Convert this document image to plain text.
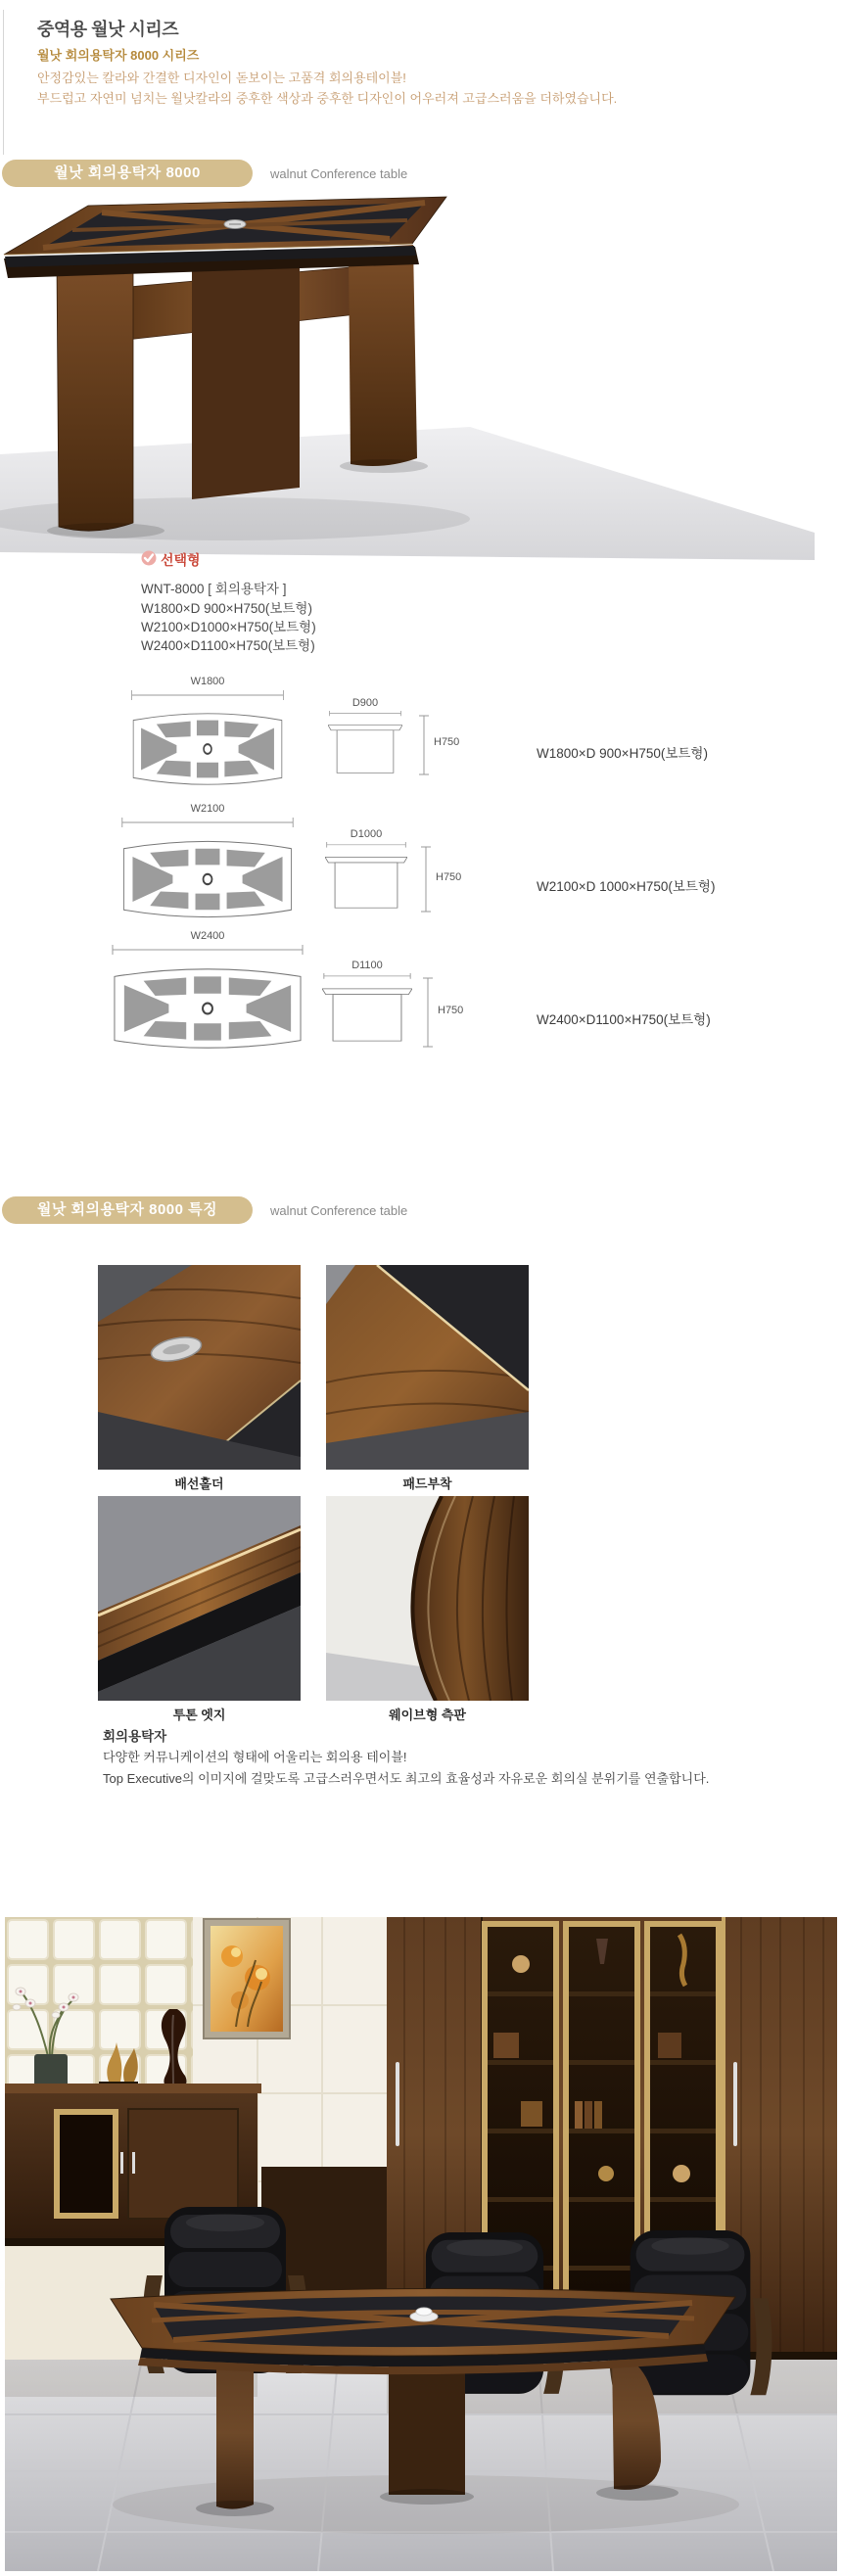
중역용 월낫 시리즈
월낫 회의용탁자 8000 시리즈
안정감있는 칼라와 간결한 디자인이 돋보이는 고품격 회의용테이블!
부드럽고 자연미 넘치는 월낫칼라의 중후한 색상과 중후한 디자인이 어우러져 고급스러움을 더하였습니다.
월낫 회의용탁자 8000	walnut Conference table
선택형
WNT-8000 [ 회의용탁자 ]
W1800×D 900×H750(보트형)
W2100×D1000×H750(보트형)
W2400×D1100×H750(보트형)
W1800
D900
H750
W1800×D 900×H750(보트형)
W2100
D1000
H750
W2100×D 1000×H750(보트형)
W2400
D1100
H750
W2400×D1100×H750(보트형)
월낫 회의용탁자 8000 특징	walnut Conference table
배선홀더	패드부착
투톤 엣지	웨이브형 측판
회의용탁자
다양한 커뮤니케이션의 형태에 어울리는 회의용 테이블!
Top Executive의 이미지에 걸맞도록 고급스러우면서도 최고의 효율성과 자유로운 회의실 분위기를 연출합니다.
